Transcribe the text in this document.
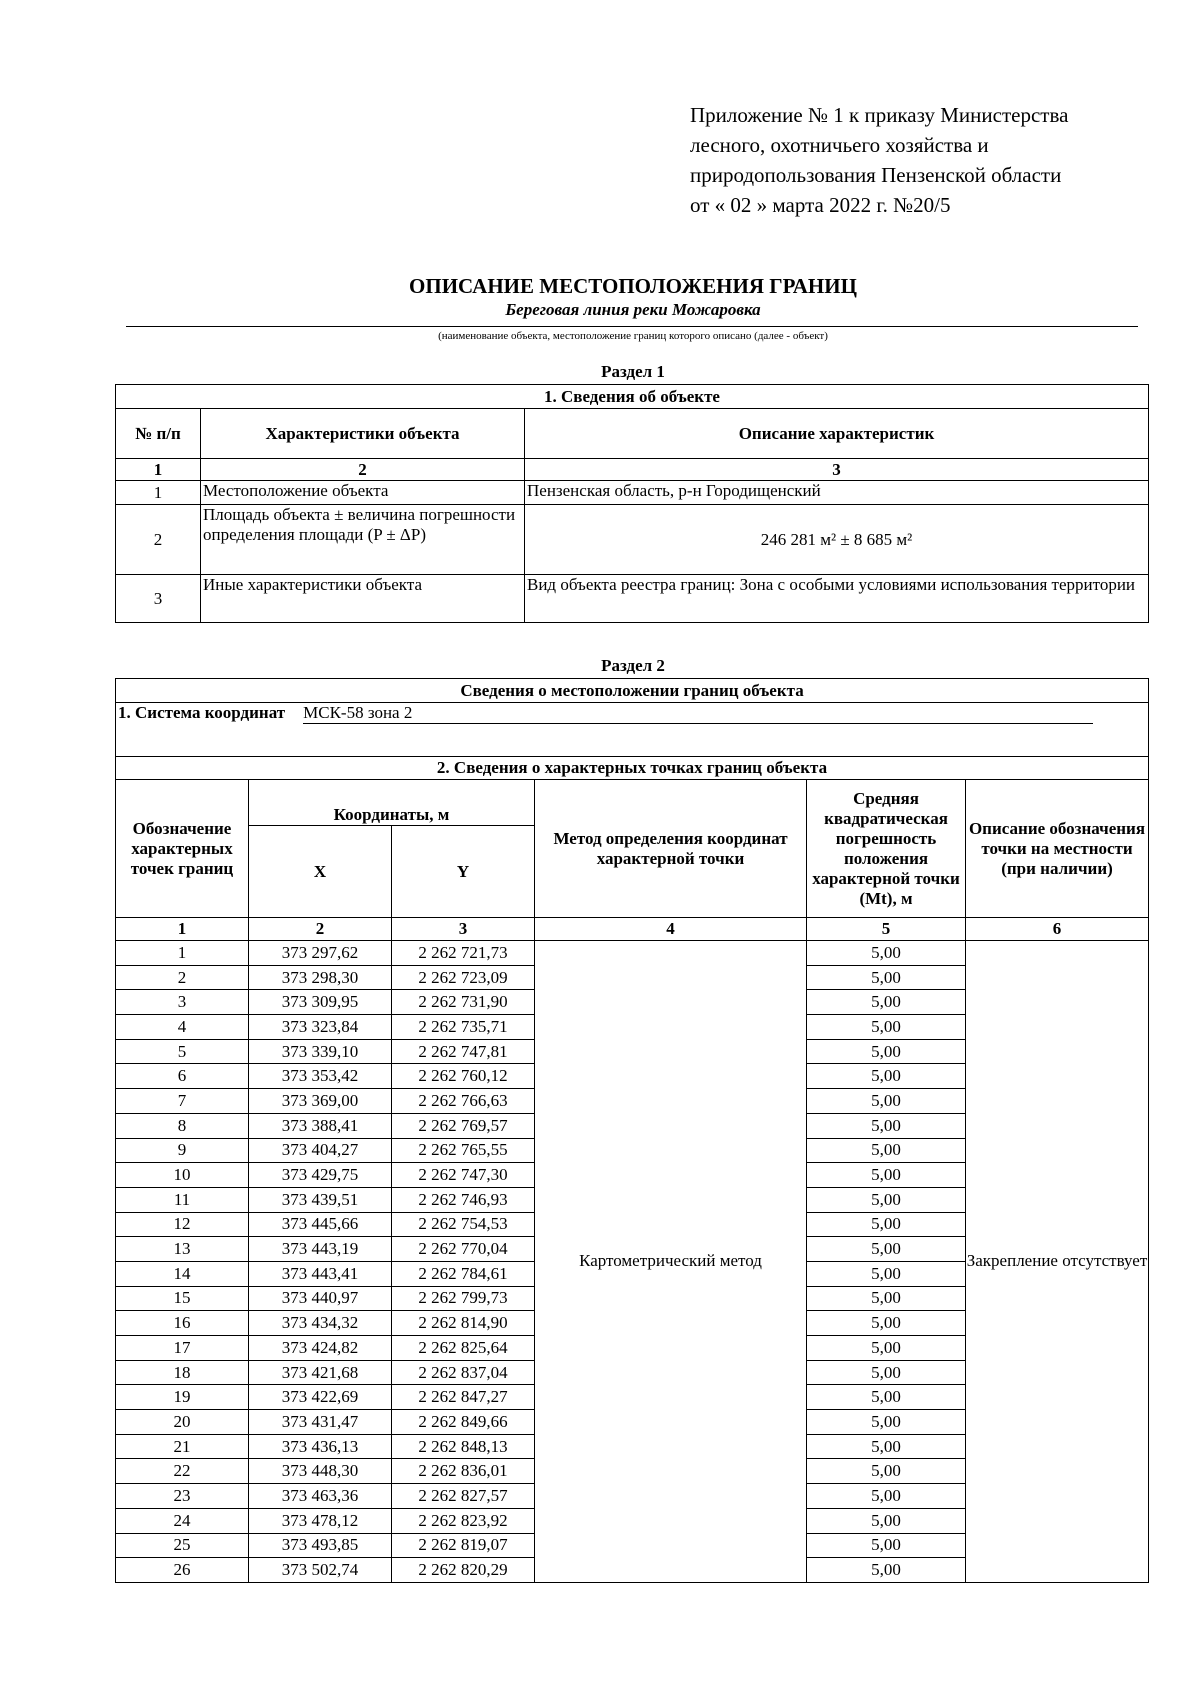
Приложение № 1 к приказу Министерства
лесного, охотничьего хозяйства и
природопользования Пензенской области
от « 02 » марта 2022 г. №20/5
ОПИСАНИЕ МЕСТОПОЛОЖЕНИЯ ГРАНИЦ
Береговая линия реки Можаровка
(наименование объекта, местоположение границ которого описано (далее - объект)
Раздел 1
1. Сведения об объекте		
№ п/п	Характеристики объекта	Описание характеристик
1	2	3
1	Местоположение объекта	Пензенская область, р-н Городищенский
2	Площадь объекта ± величина погрешности определения площади (P ± ΔP)	246 281 м² ± 8 685 м²
3	Иные характеристики объекта	Вид объекта реестра границ: Зона с особыми условиями использования территории
Раздел 2
Сведения о местоположении границ объекта					
1. Система координат МСК-58 зона 2					
2. Сведения о характерных точках границ объекта					
Обозначение характерных точек границ	Координаты, м		Метод определения координат характерной точки	Средняя квадратическая погрешность положения характерной точки (Mt), м	Описание обозначения точки на местности (при наличии)
	X	Y			
1	2	3	4	5	6
1	373 297,62	2 262 721,73	Картометрический метод	5,00	Закрепление отсутствует
2	373 298,30	2 262 723,09		5,00	
3	373 309,95	2 262 731,90		5,00	
4	373 323,84	2 262 735,71		5,00	
5	373 339,10	2 262 747,81		5,00	
6	373 353,42	2 262 760,12		5,00	
7	373 369,00	2 262 766,63		5,00	
8	373 388,41	2 262 769,57		5,00	
9	373 404,27	2 262 765,55		5,00	
10	373 429,75	2 262 747,30		5,00	
11	373 439,51	2 262 746,93		5,00	
12	373 445,66	2 262 754,53		5,00	
13	373 443,19	2 262 770,04		5,00	
14	373 443,41	2 262 784,61		5,00	
15	373 440,97	2 262 799,73		5,00	
16	373 434,32	2 262 814,90		5,00	
17	373 424,82	2 262 825,64		5,00	
18	373 421,68	2 262 837,04		5,00	
19	373 422,69	2 262 847,27		5,00	
20	373 431,47	2 262 849,66		5,00	
21	373 436,13	2 262 848,13		5,00	
22	373 448,30	2 262 836,01		5,00	
23	373 463,36	2 262 827,57		5,00	
24	373 478,12	2 262 823,92		5,00	
25	373 493,85	2 262 819,07		5,00	
26	373 502,74	2 262 820,29		5,00	
